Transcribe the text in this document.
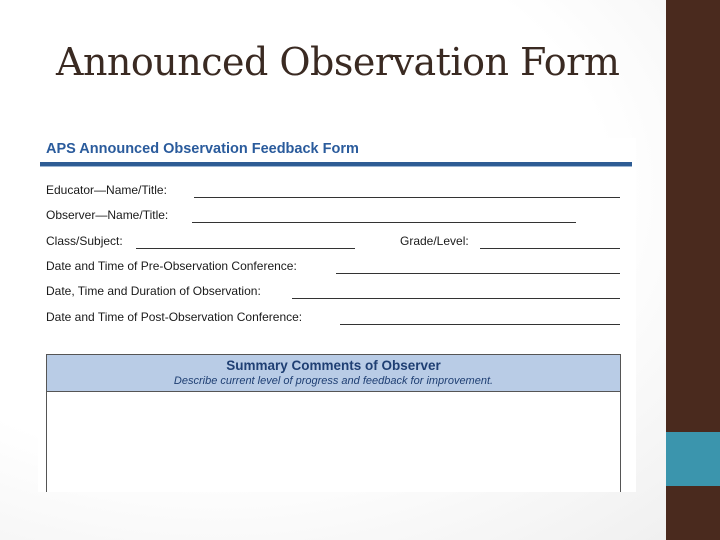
Announced Observation Form
APS Announced Observation Feedback Form
Educator—Name/Title:
Observer—Name/Title:
Class/Subject:	Grade/Level:
Date and Time of Pre-Observation Conference:
Date, Time and Duration of Observation:
Date and Time of Post-Observation Conference:
Summary Comments of Observer
Describe current level of progress and feedback for improvement.
